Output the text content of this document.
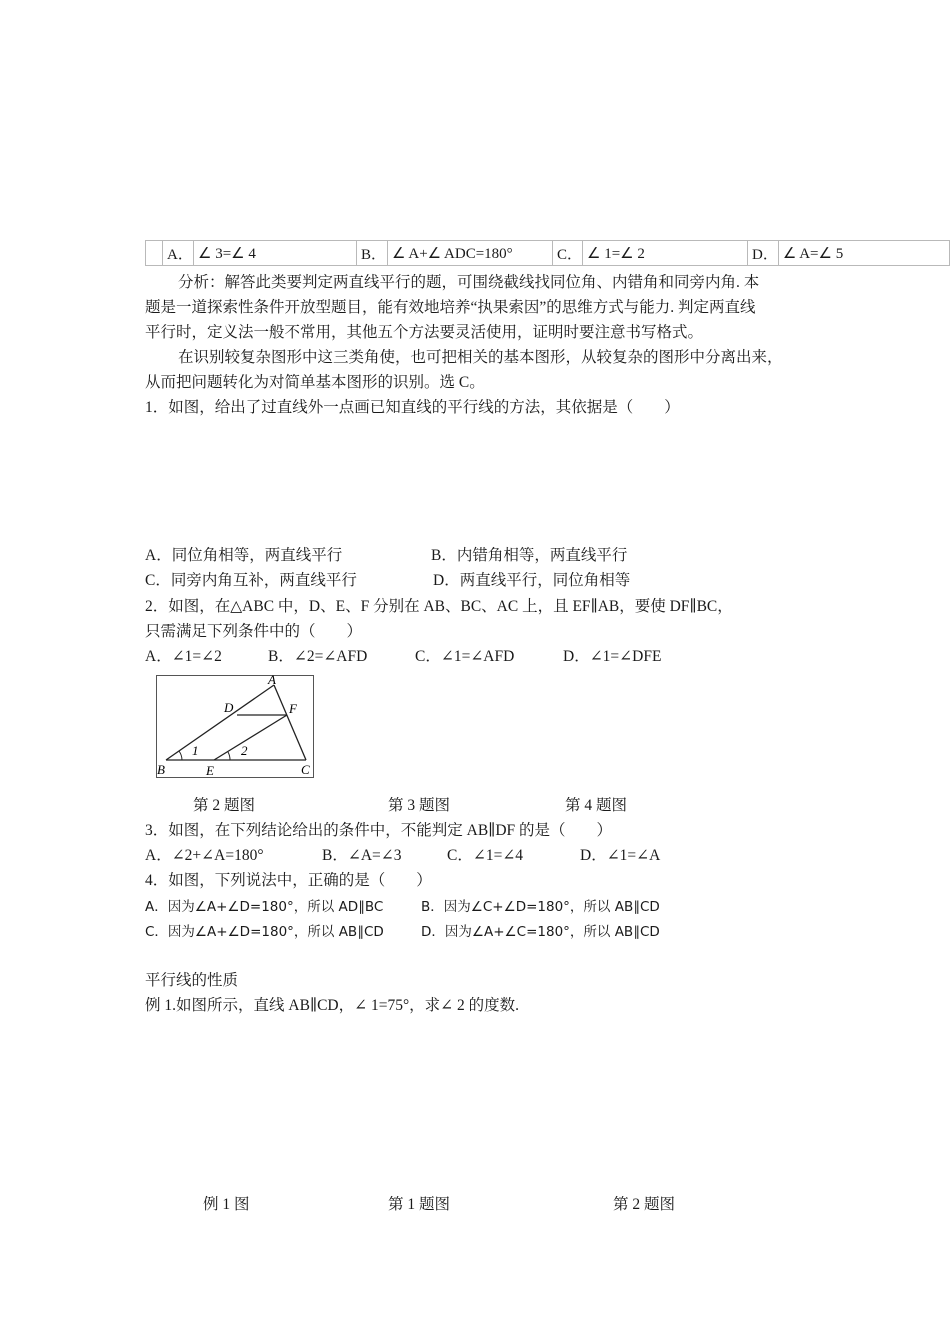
	A．	∠ 3=∠ 4	B．	∠ A+∠ ADC=180°	C．	∠ 1=∠ 2	D．	∠ A=∠ 5
分析：解答此类要判定两直线平行的题，可围绕截线找同位角、内错角和同旁内角. 本
题是一道探索性条件开放型题目，能有效地培养“执果索因”的思维方式与能力. 判定两直线
平行时，定义法一般不常用，其他五个方法要灵活使用，证明时要注意书写格式。
在识别较复杂图形中这三类角使，也可把相关的基本图形，从较复杂的图形中分离出来，
从而把问题转化为对简单基本图形的识别。选 C。
1．如图，给出了过直线外一点画已知直线的平行线的方法，其依据是（　　）
A．同位角相等，两直线平行	B．内错角相等，两直线平行
C．同旁内角互补，两直线平行	D．两直线平行，同位角相等
2．如图，在△ABC 中，D、E、F 分别在 AB、BC、AC 上，且 EF∥AB，要使 DF∥BC，
只需满足下列条件中的（　　）
A．∠1=∠2	B．∠2=∠AFD	C．∠1=∠AFD	D．∠1=∠DFE
A
B	C
D
E
F
1	2
第 2 题图	第 3 题图	第 4 题图
3．如图，在下列结论给出的条件中，不能判定 AB∥DF 的是（　　）
A．∠2+∠A=180°	B．∠A=∠3	C．∠1=∠4	D．∠1=∠A
4．如图，下列说法中，正确的是（　　）
A．因为∠A+∠D=180°，所以 AD∥BC	B．因为∠C+∠D=180°，所以 AB∥CD
C．因为∠A+∠D=180°，所以 AB∥CD	D．因为∠A+∠C=180°，所以 AB∥CD
平行线的性质
例 1.如图所示，直线 AB∥CD，∠ 1=75°，求∠ 2 的度数.
例 1 图	第 1 题图	第 2 题图
